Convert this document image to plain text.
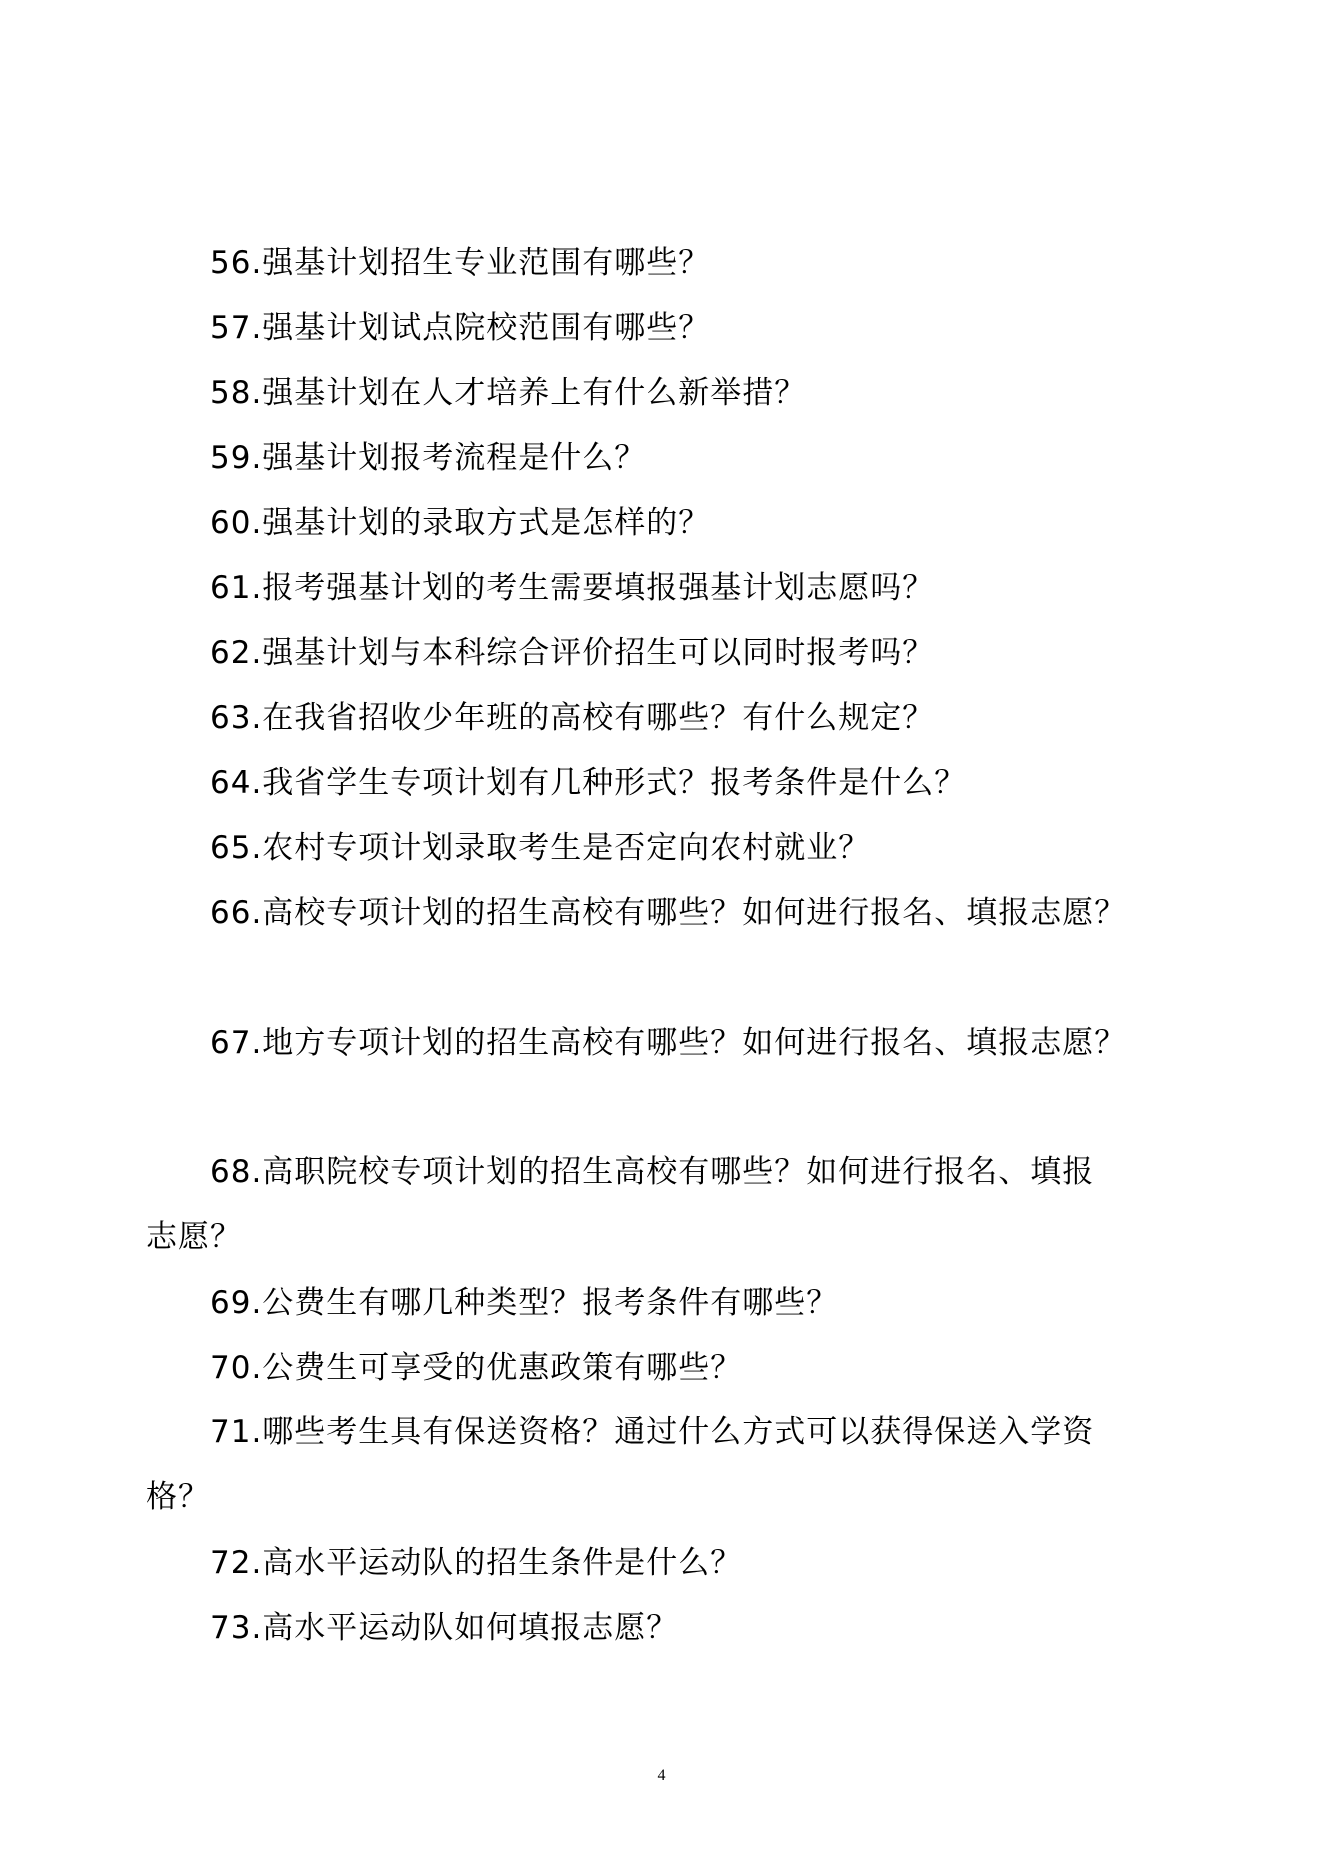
56.强基计划招生专业范围有哪些？
57.强基计划试点院校范围有哪些？
58.强基计划在人才培养上有什么新举措？
59.强基计划报考流程是什么？
60.强基计划的录取方式是怎样的？
61.报考强基计划的考生需要填报强基计划志愿吗？
62.强基计划与本科综合评价招生可以同时报考吗？
63.在我省招收少年班的高校有哪些？有什么规定？
64.我省学生专项计划有几种形式？报考条件是什么？
65.农村专项计划录取考生是否定向农村就业？
66.高校专项计划的招生高校有哪些？如何进行报名、填报志愿？
67.地方专项计划的招生高校有哪些？如何进行报名、填报志愿？
68.高职院校专项计划的招生高校有哪些？如何进行报名、填报志愿？
69.公费生有哪几种类型？报考条件有哪些？
70.公费生可享受的优惠政策有哪些？
71.哪些考生具有保送资格？通过什么方式可以获得保送入学资格？
72.高水平运动队的招生条件是什么？
73.高水平运动队如何填报志愿？
4
